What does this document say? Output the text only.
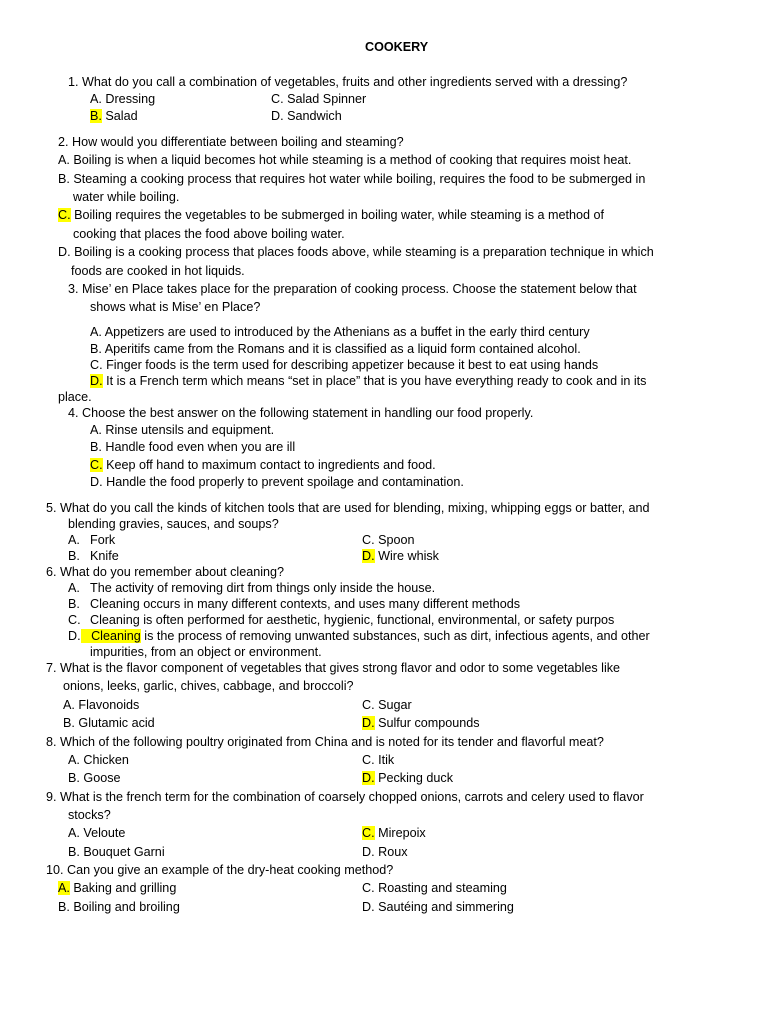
COOKERY
1. What do you call a combination of vegetables, fruits and other ingredients served with a dressing?
A. Dressing	C. Salad Spinner
B. Salad	D. Sandwich
2. How would you differentiate between boiling and steaming?
A. Boiling is when a liquid becomes hot while steaming is a method of cooking that requires moist heat.
B. Steaming a cooking process that requires hot water while boiling, requires the food to be submerged in
water while boiling.
C. Boiling requires the vegetables to be submerged in boiling water, while steaming is a method of
cooking that places the food above boiling water.
D. Boiling is a cooking process that places foods above, while steaming is a preparation technique in which
foods are cooked in hot liquids.
3. Mise’ en Place takes place for the preparation of cooking process. Choose the statement below that
shows what is Mise’ en Place?
A. Appetizers are used to introduced by the Athenians as a buffet in the early third century
B. Aperitifs came from the Romans and it is classified as a liquid form contained alcohol.
C. Finger foods is the term used for describing appetizer because it best to eat using hands
D. It is a French term which means “set in place” that is you have everything ready to cook and in its
place.
4. Choose the best answer on the following statement in handling our food properly.
A. Rinse utensils and equipment.
B. Handle food even when you are ill
C. Keep off hand to maximum contact to ingredients and food.
D. Handle the food properly to prevent spoilage and contamination.
5. What do you call the kinds of kitchen tools that are used for blending, mixing, whipping eggs or batter, and
blending gravies, sauces, and soups?
A. Fork	C. Spoon
B. Knife	D. Wire whisk
6. What do you remember about cleaning?
A. The activity of removing dirt from things only inside the house.
B. Cleaning occurs in many different contexts, and uses many different methods
C. Cleaning is often performed for aesthetic, hygienic, functional, environmental, or safety purpos
D.   Cleaning is the process of removing unwanted substances, such as dirt, infectious agents, and other
impurities, from an object or environment.
7. What is the flavor component of vegetables that gives strong flavor and odor to some vegetables like
onions, leeks, garlic, chives, cabbage, and broccoli?
A. Flavonoids	C. Sugar
B. Glutamic acid	D. Sulfur compounds
8. Which of the following poultry originated from China and is noted for its tender and flavorful meat?
A. Chicken	C. Itik
B. Goose	D. Pecking duck
9. What is the french term for the combination of coarsely chopped onions, carrots and celery used to flavor
stocks?
A. Veloute	C. Mirepoix
B. Bouquet Garni	D. Roux
10. Can you give an example of the dry-heat cooking method?
A. Baking and grilling	C. Roasting and steaming
B. Boiling and broiling	D. Sautéing and simmering
